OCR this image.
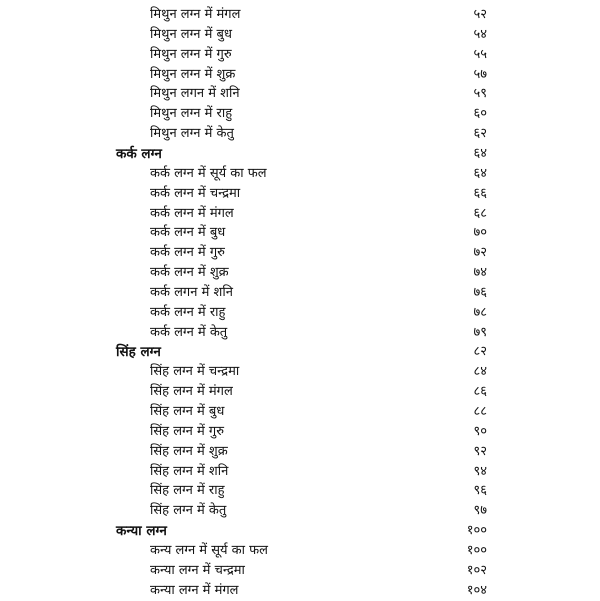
मिथुन लग्न में मंगल	५२
मिथुन लग्न में बुध	५४
मिथुन लग्न में गुरु	५५
मिथुन लग्न में शुक्र	५७
मिथुन लगन में शनि	५९
मिथुन लग्न में राहु	६०
मिथुन लग्न में केतु	६२
कर्क लग्न	६४
कर्क लग्न में सूर्य का फल	६४
कर्क लग्न में चन्द्रमा	६६
कर्क लग्न में मंगल	६८
कर्क लग्न में बुध	७०
कर्क लग्न में गुरु	७२
कर्क लग्न में शुक्र	७४
कर्क लगन में शनि	७६
कर्क लग्न में राहु	७८
कर्क लग्न में केतु	७९
सिंह लग्न	८२
सिंह लग्न में चन्द्रमा	८४
सिंह लग्न में मंगल	८६
सिंह लग्न में बुध	८८
सिंह लग्न में गुरु	९०
सिंह लग्न में शुक्र	९२
सिंह लग्न में शनि	९४
सिंह लग्न में राहु	९६
सिंह लग्न में केतु	९७
कन्या लग्न	१००
कन्य लग्न में सूर्य का फल	१००
कन्या लग्न में चन्द्रमा	१०२
कन्या लग्न में मंगल	१०४
